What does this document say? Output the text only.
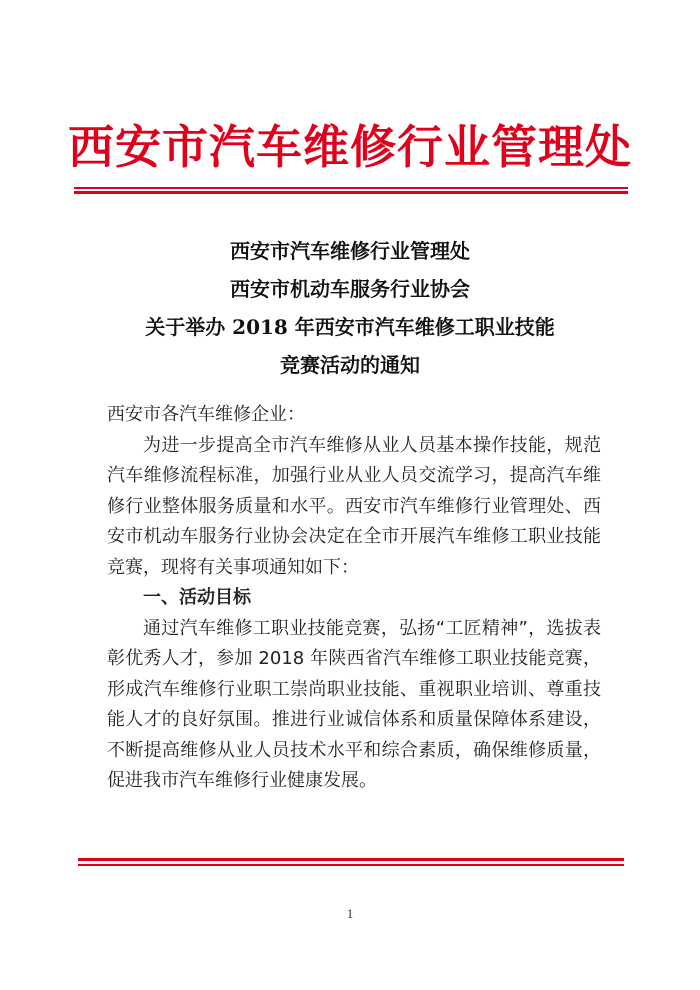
西安市汽车维修行业管理处
西安市汽车维修行业管理处
西安市机动车服务行业协会
关于举办 2018 年西安市汽车维修工职业技能
竞赛活动的通知

西安市各汽车维修企业：

为进一步提高全市汽车维修从业人员基本操作技能，规范汽车维修流程标准，加强行业从业人员交流学习，提高汽车维修行业整体服务质量和水平。西安市汽车维修行业管理处、西安市机动车服务行业协会决定在全市开展汽车维修工职业技能竞赛，现将有关事项通知如下：

一、活动目标

通过汽车维修工职业技能竞赛，弘扬“工匠精神”，选拔表彰优秀人才，参加 2018 年陕西省汽车维修工职业技能竞赛，形成汽车维修行业职工崇尚职业技能、重视职业培训、尊重技能人才的良好氛围。推进行业诚信体系和质量保障体系建设，不断提高维修从业人员技术水平和综合素质，确保维修质量，促进我市汽车维修行业健康发展。

1
